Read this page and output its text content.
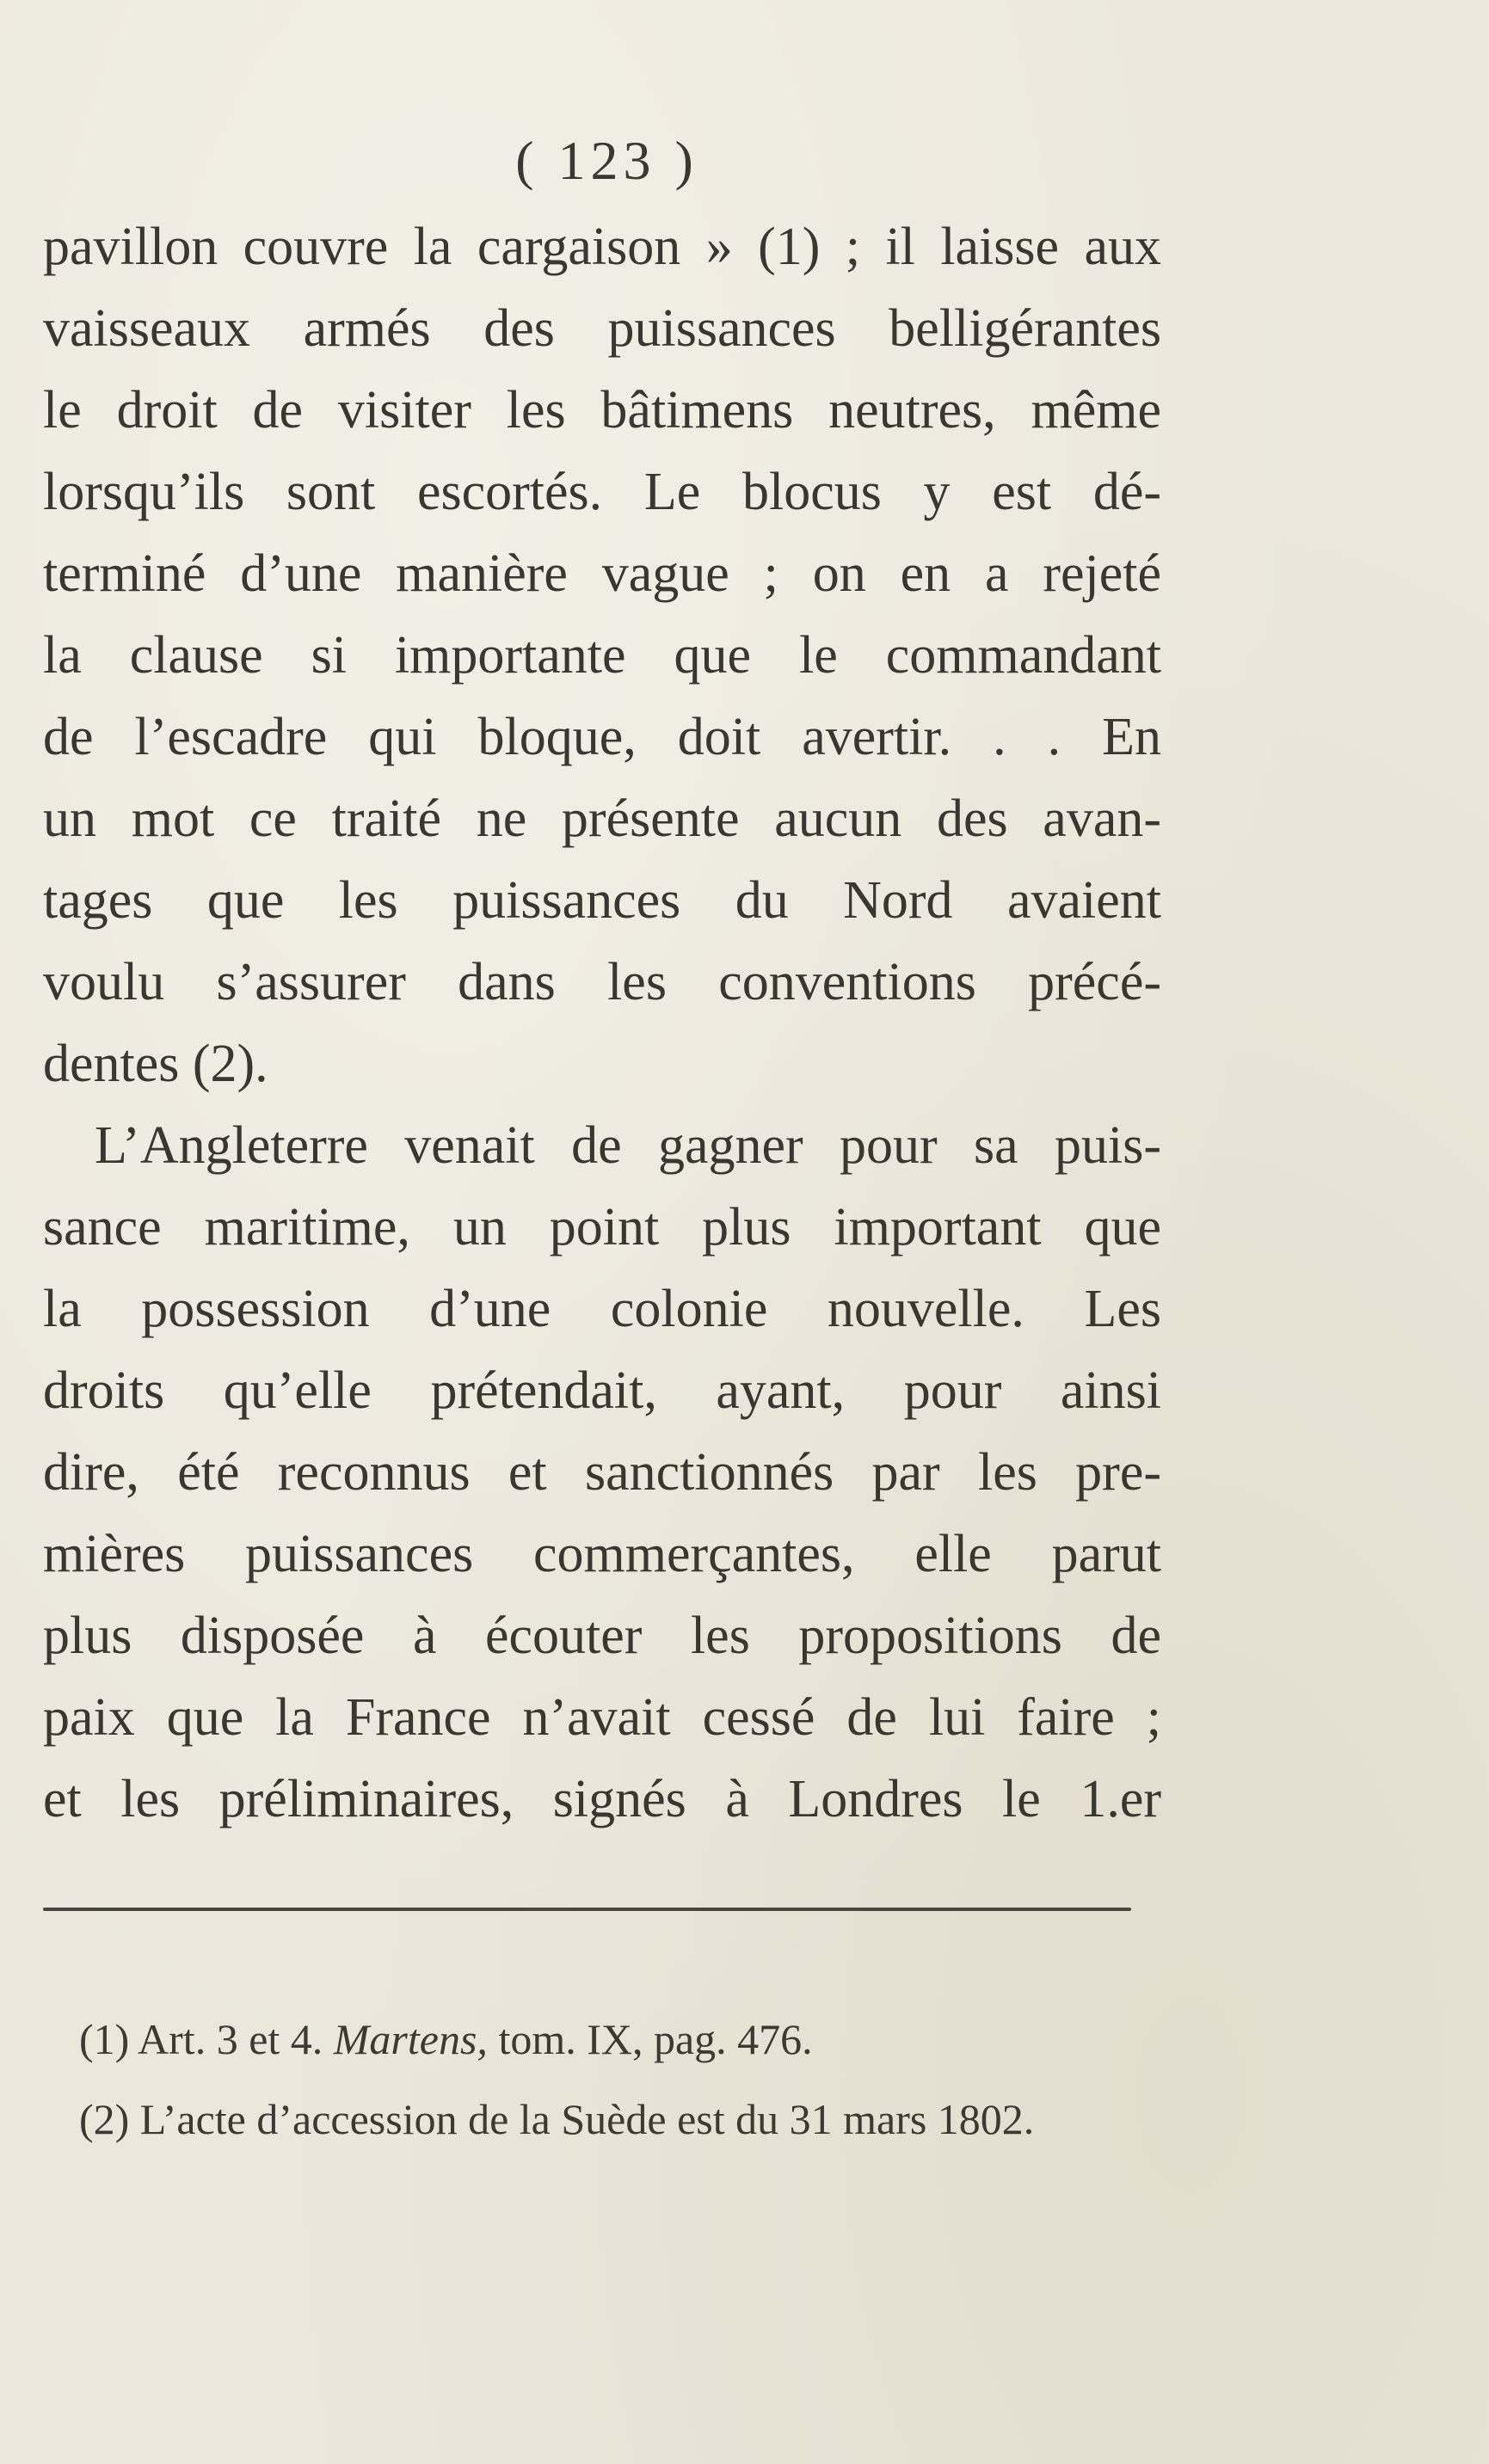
( 123 )
pavillon couvre la cargaison » (1) ; il laisse aux
vaisseaux armés des puissances belligérantes
le droit de visiter les bâtimens neutres, même
lorsqu’ils sont escortés. Le blocus y est dé-
terminé d’une manière vague ; on en a rejeté
la clause si importante que le commandant
de l’escadre qui bloque, doit avertir. . . En
un mot ce traité ne présente aucun des avan-
tages que les puissances du Nord avaient
voulu s’assurer dans les conventions précé-
dentes (2).
L’Angleterre venait de gagner pour sa puis-
sance maritime, un point plus important que
la possession d’une colonie nouvelle. Les
droits qu’elle prétendait, ayant, pour ainsi
dire, été reconnus et sanctionnés par les pre-
mières puissances commerçantes, elle parut
plus disposée à écouter les propositions de
paix que la France n’avait cessé de lui faire ;
et les préliminaires, signés à Londres le 1.er
(1) Art. 3 et 4. Martens, tom. IX, pag. 476.
(2) L’acte d’accession de la Suède est du 31 mars 1802.
